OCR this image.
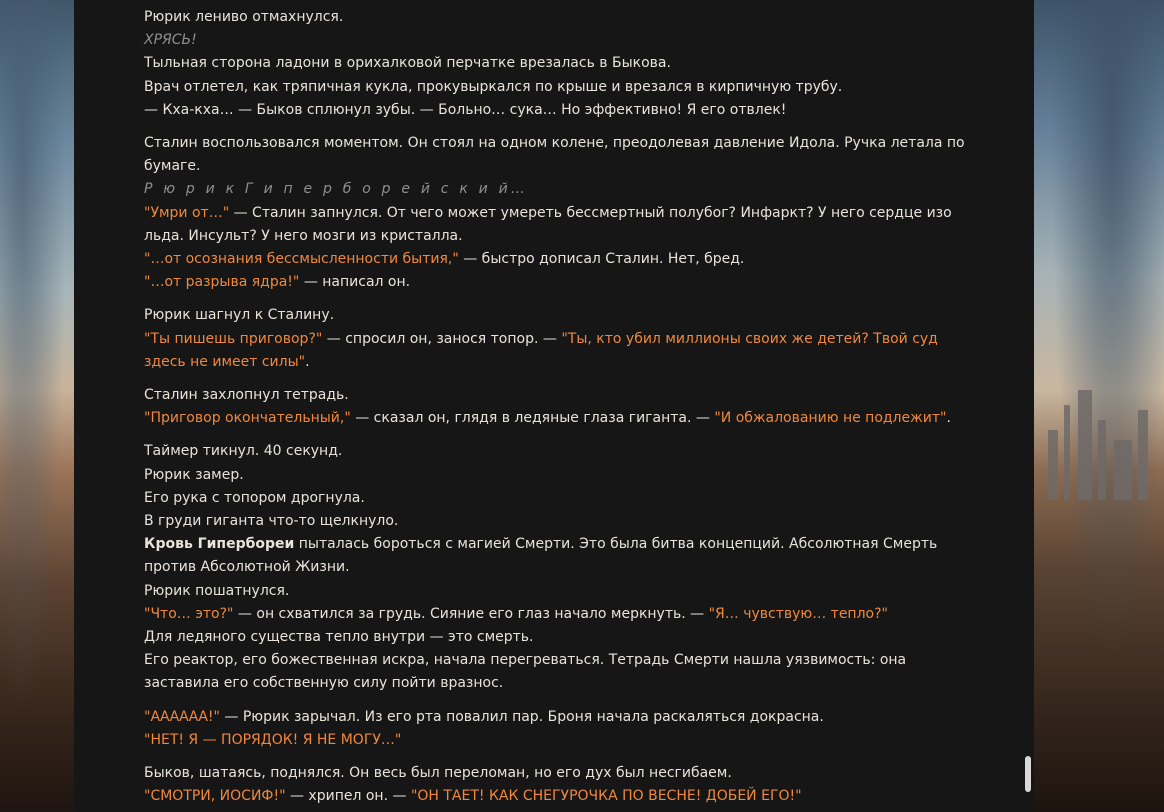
Рюрик лениво отмахнулся.
ХРЯСЬ!
Тыльная сторона ладони в орихалковой перчатке врезалась в Быкова.
Врач отлетел, как тряпичная кукла, прокувыркался по крыше и врезался в кирпичную трубу.
— Кха-кха… — Быков сплюнул зубы. — Больно… сука… Но эффективно! Я его отвлек!
Сталин воспользовался моментом. Он стоял на одном колене, преодолевая давление Идола. Ручка летала по
бумаге.
Р ю р и к Г и п е р б о р е й с к и й…
"Умри от…" — Сталин запнулся. От чего может умереть бессмертный полубог? Инфаркт? У него сердце изо
льда. Инсульт? У него мозги из кристалла.
"…от осознания бессмысленности бытия," — быстро дописал Сталин. Нет, бред.
"…от разрыва ядра!" — написал он.
Рюрик шагнул к Сталину.
"Ты пишешь приговор?" — спросил он, занося топор. — "Ты, кто убил миллионы своих же детей? Твой суд
здесь не имеет силы".
Сталин захлопнул тетрадь.
"Приговор окончательный," — сказал он, глядя в ледяные глаза гиганта. — "И обжалованию не подлежит".
Таймер тикнул. 40 секунд.
Рюрик замер.
Его рука с топором дрогнула.
В груди гиганта что-то щелкнуло.
Кровь Гипербореи пыталась бороться с магией Смерти. Это была битва концепций. Абсолютная Смерть
против Абсолютной Жизни.
Рюрик пошатнулся.
"Что… это?" — он схватился за грудь. Сияние его глаз начало меркнуть. — "Я… чувствую… тепло?"
Для ледяного существа тепло внутри — это смерть.
Его реактор, его божественная искра, начала перегреваться. Тетрадь Смерти нашла уязвимость: она
заставила его собственную силу пойти вразнос.
"АААААА!" — Рюрик зарычал. Из его рта повалил пар. Броня начала раскаляться докрасна.
"НЕТ! Я — ПОРЯДОК! Я НЕ МОГУ…"
Быков, шатаясь, поднялся. Он весь был переломан, но его дух был несгибаем.
"СМОТРИ, ИОСИФ!" — хрипел он. — "ОН ТАЕТ! КАК СНЕГУРОЧКА ПО ВЕСНЕ! ДОБЕЙ ЕГО!"
